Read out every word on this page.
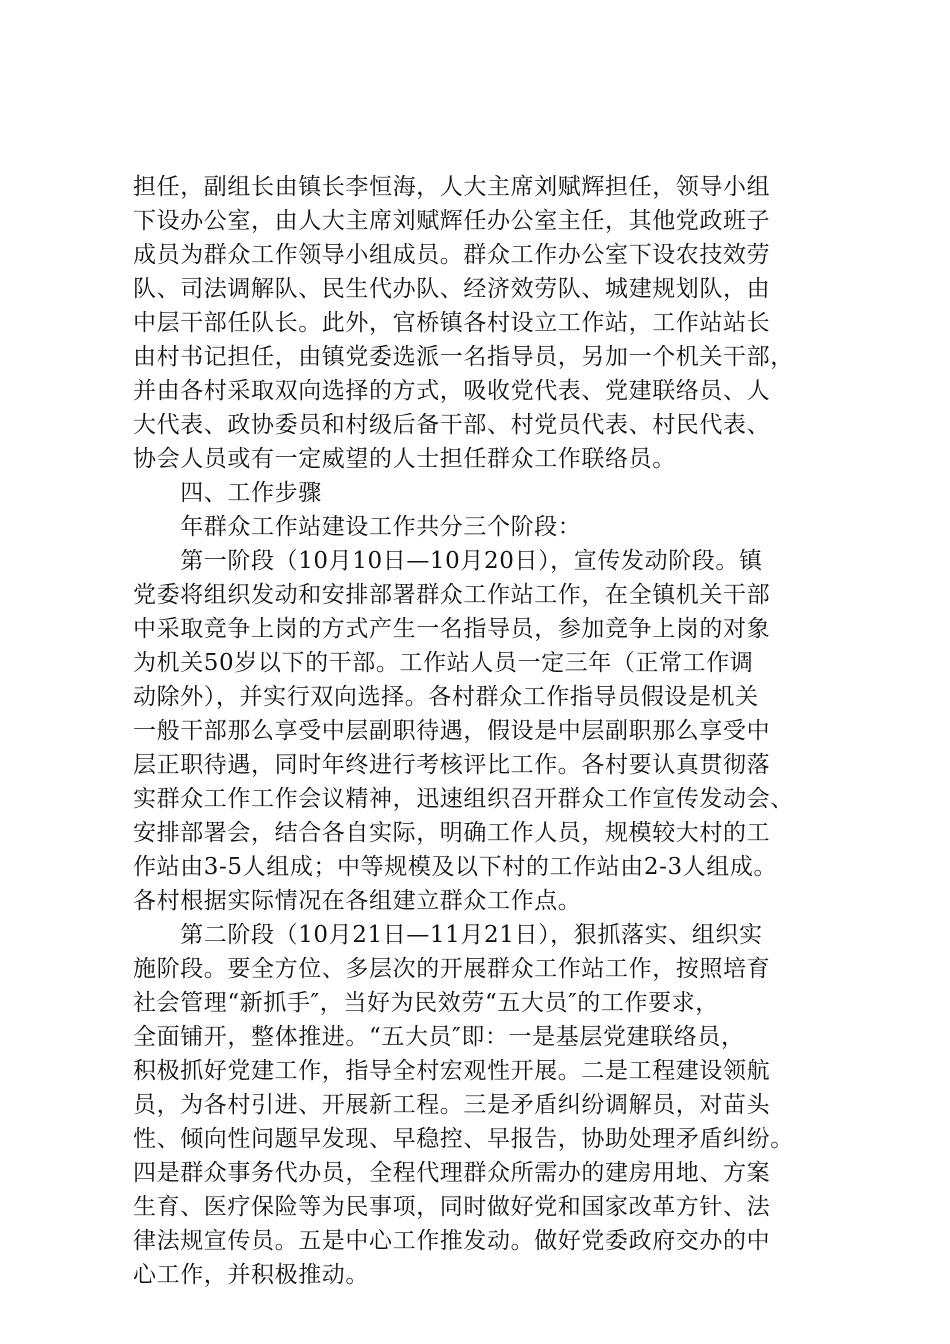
担任，副组长由镇长李恒海，人大主席刘赋辉担任，领导小组
下设办公室，由人大主席刘赋辉任办公室主任，其他党政班子
成员为群众工作领导小组成员。群众工作办公室下设农技效劳
队、司法调解队、民生代办队、经济效劳队、城建规划队，由
中层干部任队长。此外，官桥镇各村设立工作站，工作站站长
由村书记担任，由镇党委选派一名指导员，另加一个机关干部，
并由各村采取双向选择的方式，吸收党代表、党建联络员、人
大代表、政协委员和村级后备干部、村党员代表、村民代表、
协会人员或有一定威望的人士担任群众工作联络员。
　　四、工作步骤
　　年群众工作站建设工作共分三个阶段：
　　第一阶段（10月10日—10月20日），宣传发动阶段。镇
党委将组织发动和安排部署群众工作站工作，在全镇机关干部
中采取竞争上岗的方式产生一名指导员，参加竞争上岗的对象
为机关50岁以下的干部。工作站人员一定三年（正常工作调
动除外），并实行双向选择。各村群众工作指导员假设是机关
一般干部那么享受中层副职待遇，假设是中层副职那么享受中
层正职待遇，同时年终进行考核评比工作。各村要认真贯彻落
实群众工作工作会议精神，迅速组织召开群众工作宣传发动会、
安排部署会，结合各自实际，明确工作人员，规模较大村的工
作站由3-5人组成；中等规模及以下村的工作站由2-3人组成。
各村根据实际情况在各组建立群众工作点。
　　第二阶段（10月21日—11月21日），狠抓落实、组织实
施阶段。要全方位、多层次的开展群众工作站工作，按照培育
社会管理“新抓手″，当好为民效劳“五大员″的工作要求，
全面铺开，整体推进。“五大员″即：一是基层党建联络员，
积极抓好党建工作，指导全村宏观性开展。二是工程建设领航
员，为各村引进、开展新工程。三是矛盾纠纷调解员，对苗头
性、倾向性问题早发现、早稳控、早报告，协助处理矛盾纠纷。
四是群众事务代办员，全程代理群众所需办的建房用地、方案
生育、医疗保险等为民事项，同时做好党和国家改革方针、法
律法规宣传员。五是中心工作推发动。做好党委政府交办的中
心工作，并积极推动。
